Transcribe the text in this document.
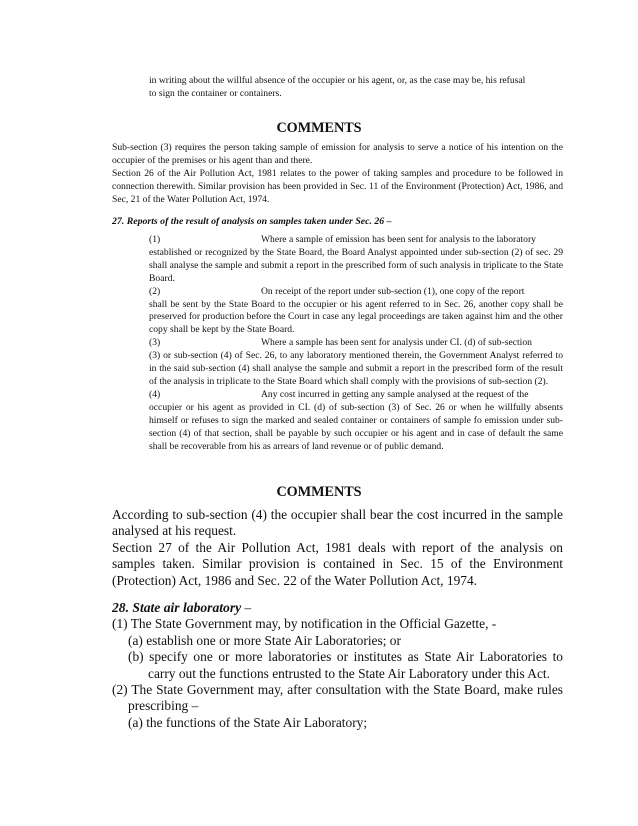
in writing about the willful absence of the occupier or his agent, or, as the case may be, his refusal

to sign the container or containers.

COMMENTS

Sub-section (3) requires the person taking sample of emission for analysis to serve a notice of his intention on the occupier of the premises or his agent than and there.

Section 26 of the Air Pollution Act, 1981 relates to the power of taking samples and procedure to be followed in connection therewith. Similar provision has been provided in Sec. 11 of the Environment (Protection) Act, 1986, and Sec, 21 of the Water Pollution Act, 1974.

27. Reports of the result of analysis on samples taken under Sec. 26 –
(1)	Where a sample of emission has been sent for analysis to the laboratory

established or recognized by the State Board, the Board Analyst appointed under sub-section (2) of sec. 29 shall analyse the sample and submit a report in the prescribed form of such analysis in triplicate to the State Board.

(2)	On receipt of the report under sub-section (1), one copy of the report

shall be sent by the State Board to the occupier or his agent referred to in Sec. 26, another copy shall be preserved for production before the Court in case any legal proceedings are taken against him and the other copy shall be kept by the State Board.

(3)	Where a sample has been sent for analysis under CI. (d) of sub-section

(3) or sub-section (4) of Sec. 26, to any laboratory mentioned therein, the Government Analyst referred to in the said sub-section (4) shall analyse the sample and submit a report in the prescribed form of the result of the analysis in triplicate to the State Board which shall comply with the provisions of sub-section (2).

(4)	Any cost incurred in getting any sample analysed at the request of the

occupier or his agent as provided in CI. (d) of sub-section (3) of Sec. 26 or when he willfully absents himself or refuses to sign the marked and sealed container or containers of sample fo emission under sub-section (4) of that section, shall be payable by such occupier or his agent and in case of default the same shall be recoverable from his as arrears of land revenue or of public demand.

COMMENTS

According to sub-section (4) the occupier shall bear the cost incurred in the sample analysed at his request.

Section 27 of the Air Pollution Act, 1981 deals with report of the analysis on samples taken. Similar provision is contained in Sec. 15 of the Environment (Protection) Act, 1986 and Sec. 22 of the Water Pollution Act, 1974.

28. State air laboratory –

(1) The State Government may, by notification in the Official Gazette, -

(a) establish one or more State Air Laboratories; or

(b) specify one or more laboratories or institutes as State Air Laboratories to carry out the functions entrusted to the State Air Laboratory under this Act.

(2) The State Government may, after consultation with the State Board, make rules prescribing –

(a) the functions of the State Air Laboratory;
